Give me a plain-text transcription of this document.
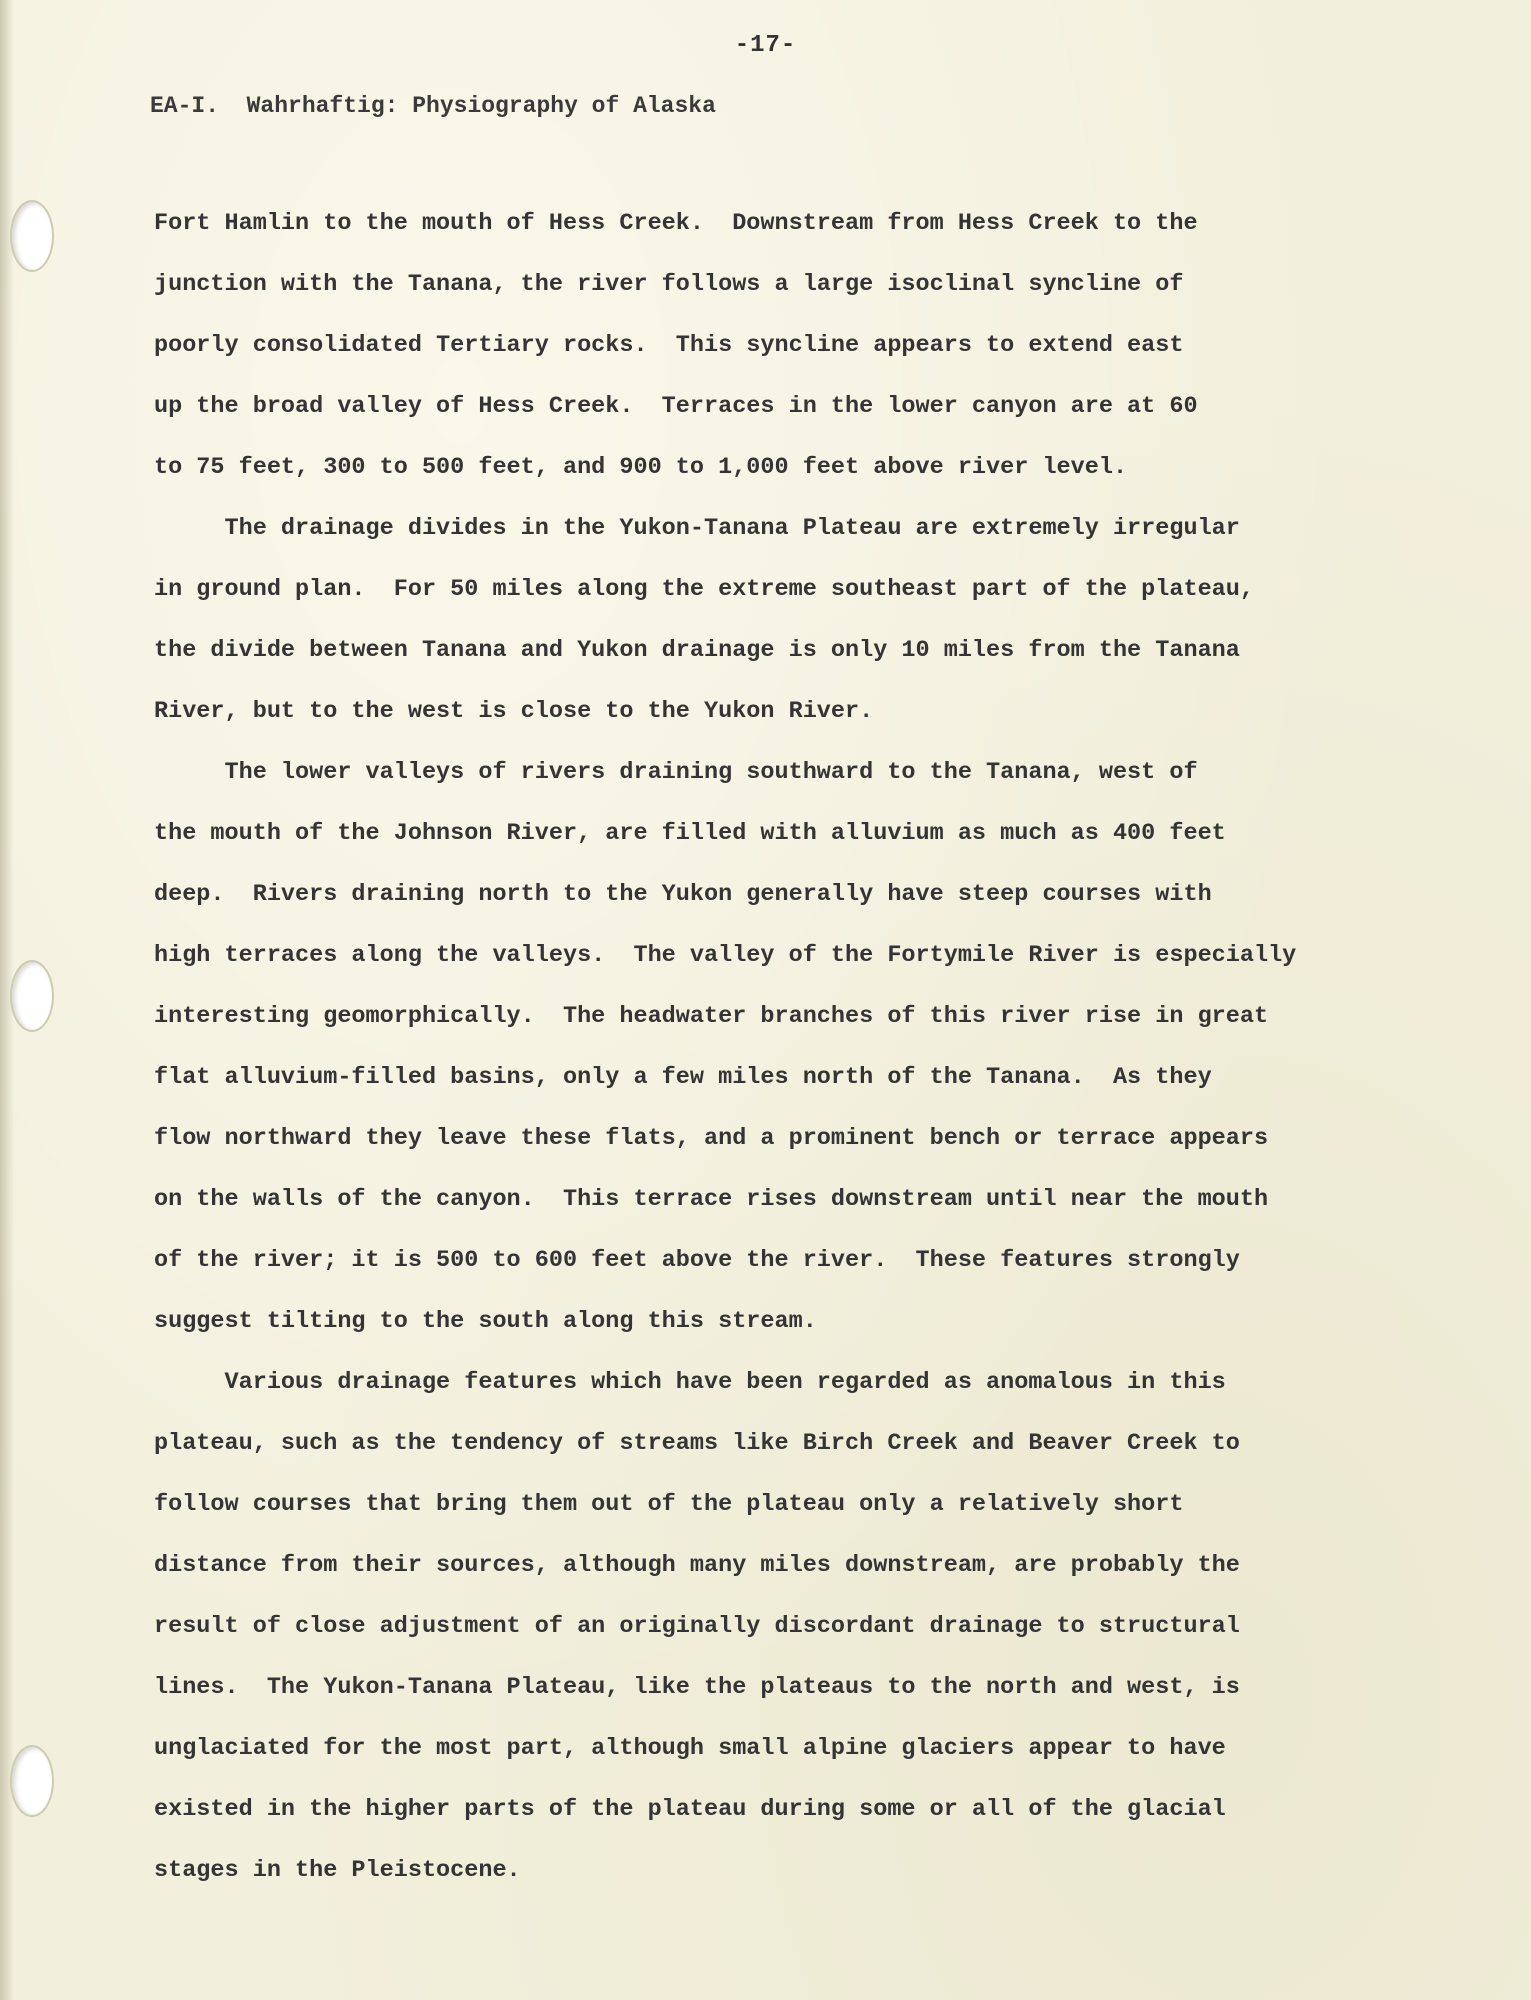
-17-
EA-I.  Wahrhaftig: Physiography of Alaska
Fort Hamlin to the mouth of Hess Creek.  Downstream from Hess Creek to the
junction with the Tanana, the river follows a large isoclinal syncline of
poorly consolidated Tertiary rocks.  This syncline appears to extend east
up the broad valley of Hess Creek.  Terraces in the lower canyon are at 60
to 75 feet, 300 to 500 feet, and 900 to 1,000 feet above river level.
The drainage divides in the Yukon-Tanana Plateau are extremely irregular
in ground plan.  For 50 miles along the extreme southeast part of the plateau,
the divide between Tanana and Yukon drainage is only 10 miles from the Tanana
River, but to the west is close to the Yukon River.
The lower valleys of rivers draining southward to the Tanana, west of
the mouth of the Johnson River, are filled with alluvium as much as 400 feet
deep.  Rivers draining north to the Yukon generally have steep courses with
high terraces along the valleys.  The valley of the Fortymile River is especially
interesting geomorphically.  The headwater branches of this river rise in great
flat alluvium-filled basins, only a few miles north of the Tanana.  As they
flow northward they leave these flats, and a prominent bench or terrace appears
on the walls of the canyon.  This terrace rises downstream until near the mouth
of the river; it is 500 to 600 feet above the river.  These features strongly
suggest tilting to the south along this stream.
Various drainage features which have been regarded as anomalous in this
plateau, such as the tendency of streams like Birch Creek and Beaver Creek to
follow courses that bring them out of the plateau only a relatively short
distance from their sources, although many miles downstream, are probably the
result of close adjustment of an originally discordant drainage to structural
lines.  The Yukon-Tanana Plateau, like the plateaus to the north and west, is
unglaciated for the most part, although small alpine glaciers appear to have
existed in the higher parts of the plateau during some or all of the glacial
stages in the Pleistocene.
